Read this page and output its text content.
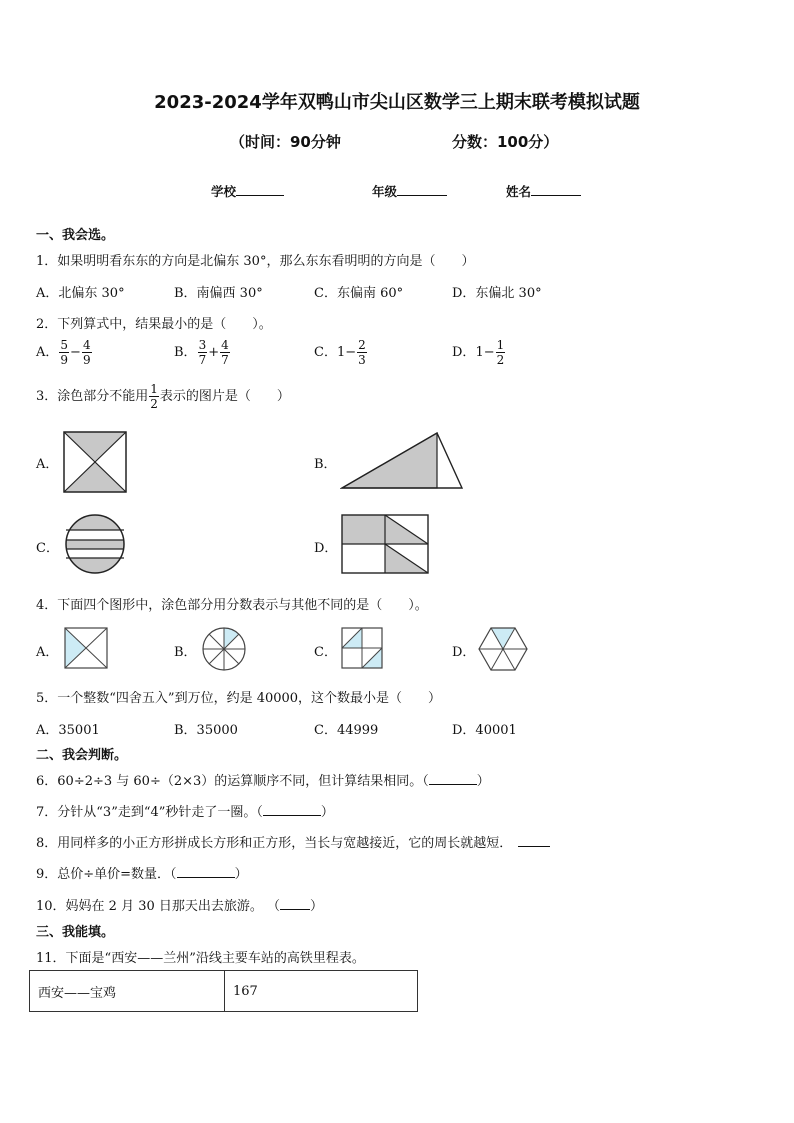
2023-2024学年双鸭山市尖山区数学三上期末联考模拟试题
（时间：90分钟	分数：100分）
学校	年级	姓名
一、我会选。
1．如果明明看东东的方向是北偏东 30°，那么东东看明明的方向是（　　）
A．北偏东 30°	B．南偏西 30°	C．东偏南 60°	D．东偏北 30°
2．下列算式中，结果最小的是（　　）。
A． $\frac{5}{9} - \frac{4}{9}$	B． $\frac{3}{7} + \frac{4}{7}$	C．$1- \frac{2}{3}$	D．$1- \frac{1}{2}$
3．涂色部分不能用 $\frac{1}{2}$ 表示的图片是（　　）
A．	B．
C．	D．
4．下面四个图形中，涂色部分用分数表示与其他不同的是（　　）。
A．	B．	C．	D．
5．一个整数“四舍五入”到万位，约是 40000，这个数最小是（　　）
A．35001	B．35000	C．44999	D．40001
二、我会判断。
6．60÷2÷3 与 60÷（2×3）的运算顺序不同，但计算结果相同。（	）
7．分针从“3”走到“4”秒针走了一圈。（	）
8．用同样多的小正方形拼成长方形和正方形，当长与宽越接近，它的周长就越短．
9．总价÷单价=数量．（	）
10．妈妈在 2 月 30 日那天出去旅游。 （ ）
三、我能填。
11．下面是“西安——兰州”沿线主要车站的高铁里程表。
西安——宝鸡	167
